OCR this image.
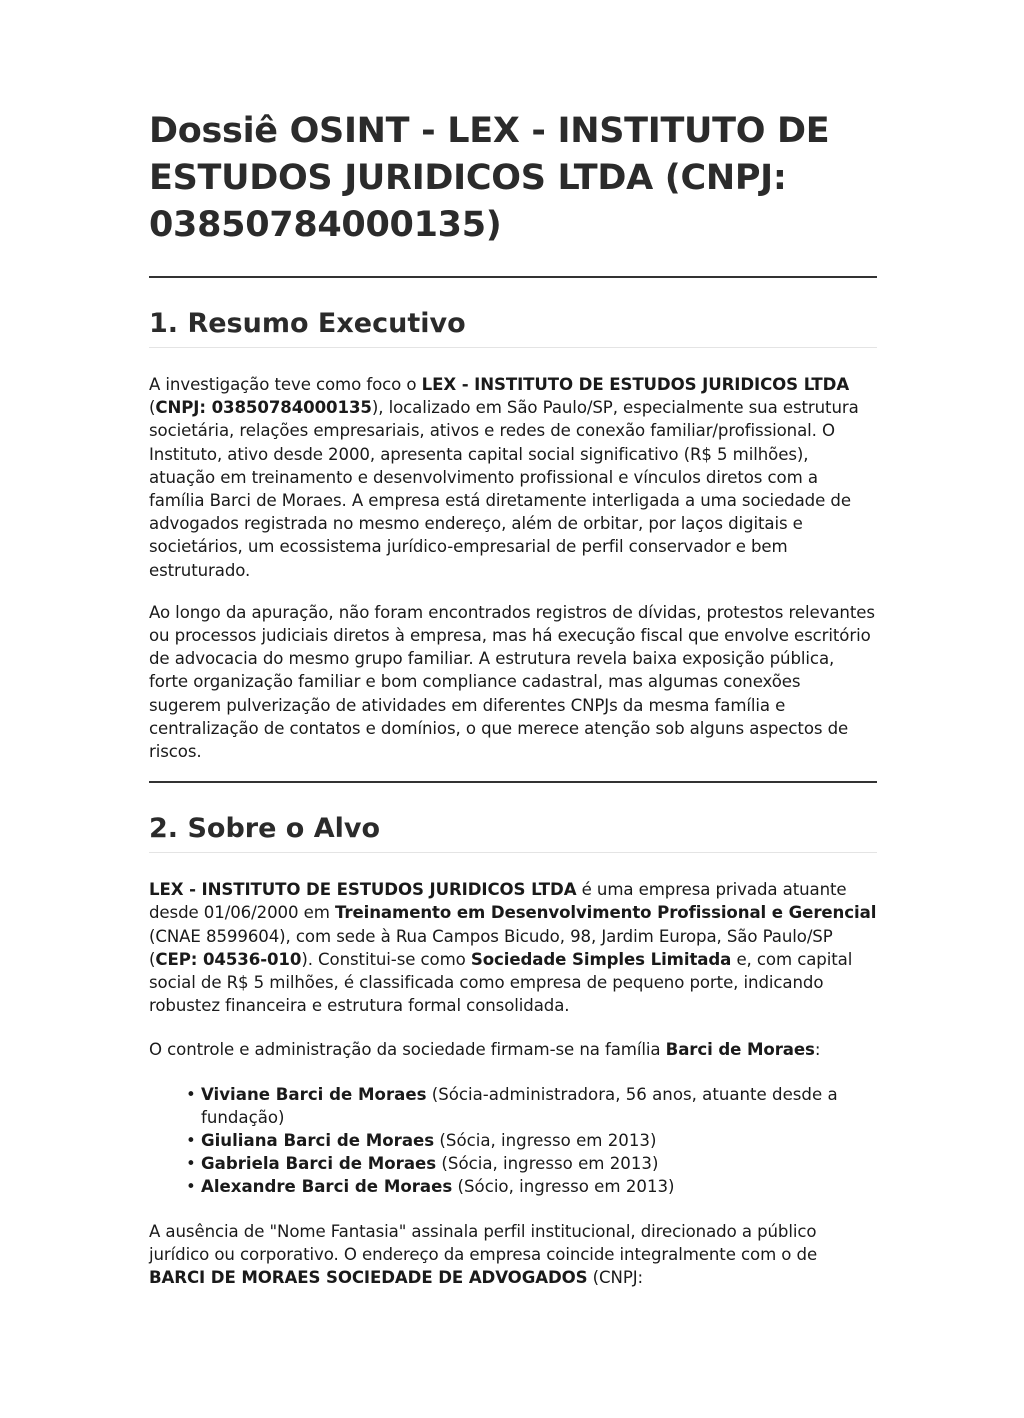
Dossiê OSINT - LEX - INSTITUTO DE ESTUDOS JURIDICOS LTDA (CNPJ: 03850784000135)
1. Resumo Executivo

A investigação teve como foco o LEX - INSTITUTO DE ESTUDOS JURIDICOS LTDA (CNPJ: 03850784000135), localizado em São Paulo/SP, especialmente sua estrutura societária, relações empresariais, ativos e redes de conexão familiar/profissional. O Instituto, ativo desde 2000, apresenta capital social significativo (R$ 5 milhões), atuação em treinamento e desenvolvimento profissional e vínculos diretos com a família Barci de Moraes. A empresa está diretamente interligada a uma sociedade de advogados registrada no mesmo endereço, além de orbitar, por laços digitais e societários, um ecossistema jurídico-empresarial de perfil conservador e bem estruturado.

Ao longo da apuração, não foram encontrados registros de dívidas, protestos relevantes ou processos judiciais diretos à empresa, mas há execução fiscal que envolve escritório de advocacia do mesmo grupo familiar. A estrutura revela baixa exposição pública, forte organização familiar e bom compliance cadastral, mas algumas conexões sugerem pulverização de atividades em diferentes CNPJs da mesma família e centralização de contatos e domínios, o que merece atenção sob alguns aspectos de riscos.

2. Sobre o Alvo

LEX - INSTITUTO DE ESTUDOS JURIDICOS LTDA é uma empresa privada atuante desde 01/06/2000 em Treinamento em Desenvolvimento Profissional e Gerencial (CNAE 8599604), com sede à Rua Campos Bicudo, 98, Jardim Europa, São Paulo/SP (CEP: 04536-010). Constitui-se como Sociedade Simples Limitada e, com capital social de R$ 5 milhões, é classificada como empresa de pequeno porte, indicando robustez financeira e estrutura formal consolidada.

O controle e administração da sociedade firmam-se na família Barci de Moraes:

• Viviane Barci de Moraes (Sócia-administradora, 56 anos, atuante desde a fundação)
• Giuliana Barci de Moraes (Sócia, ingresso em 2013)
• Gabriela Barci de Moraes (Sócia, ingresso em 2013)
• Alexandre Barci de Moraes (Sócio, ingresso em 2013)

A ausência de "Nome Fantasia" assinala perfil institucional, direcionado a público jurídico ou corporativo. O endereço da empresa coincide integralmente com o de BARCI DE MORAES SOCIEDADE DE ADVOGADOS (CNPJ:
